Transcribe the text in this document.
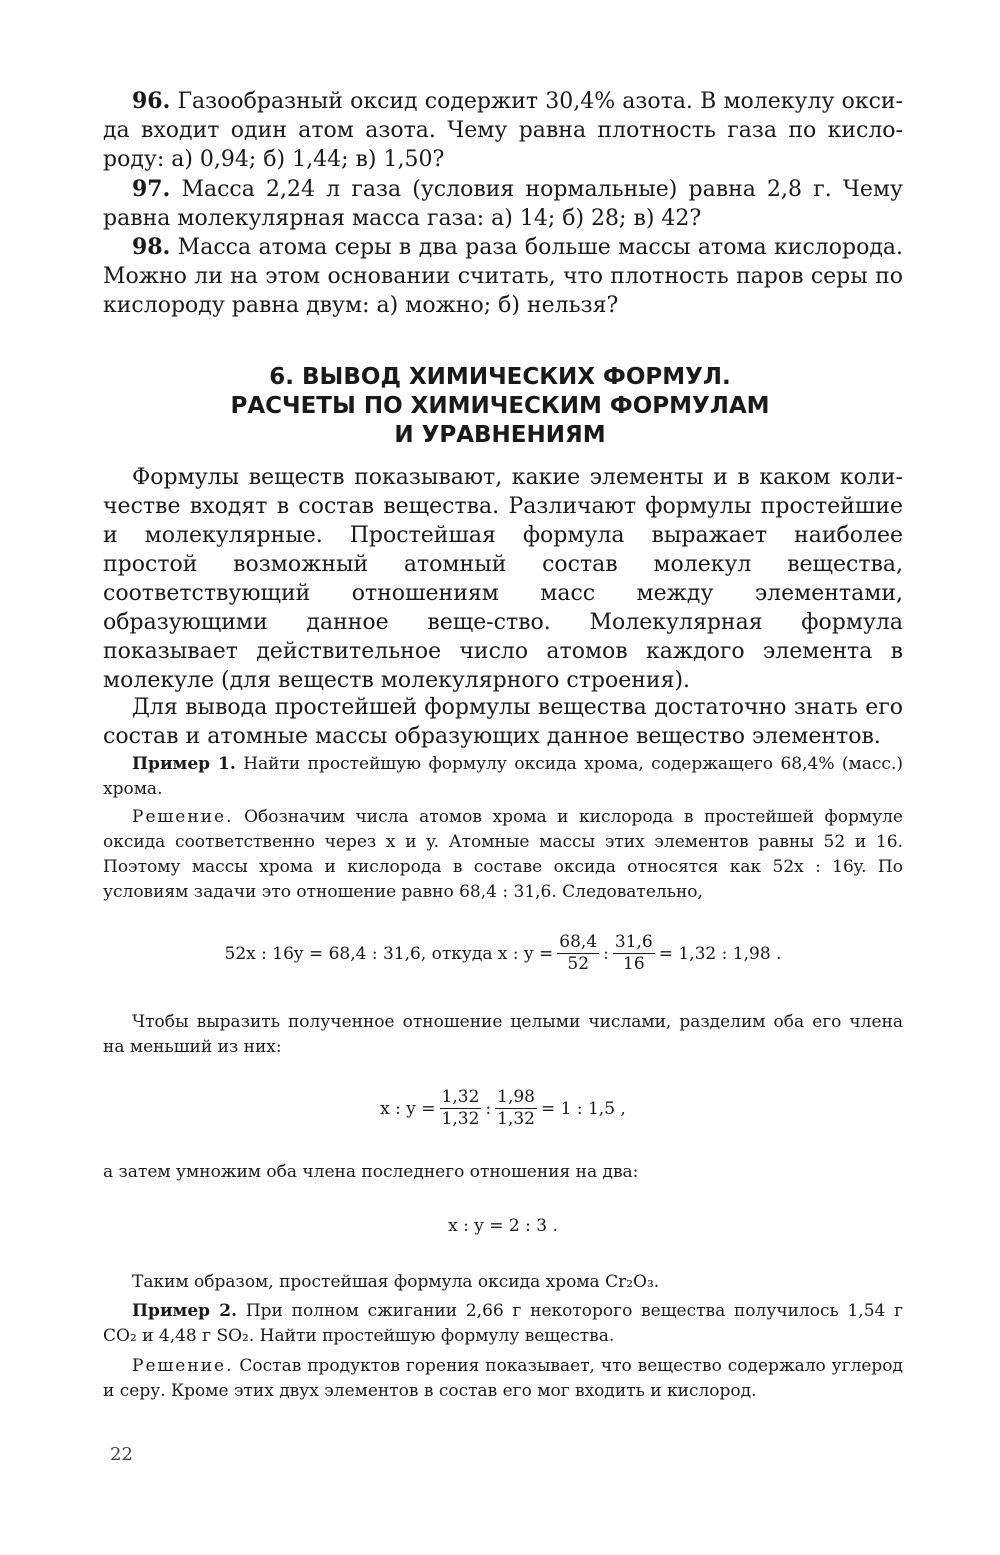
96. Газообразный оксид содержит 30,4% азота. В молекулу окси-да входит один атом азота. Чему равна плотность газа по кисло-роду: а) 0,94; б) 1,44; в) 1,50?

97. Масса 2,24 л газа (условия нормальные) равна 2,8 г. Чему равна молекулярная масса газа: а) 14; б) 28; в) 42?

98. Масса атома серы в два раза больше массы атома кислорода. Можно ли на этом основании считать, что плотность паров серы по кислороду равна двум: а) можно; б) нельзя?

6. ВЫВОД ХИМИЧЕСКИХ ФОРМУЛ.
РАСЧЕТЫ ПО ХИМИЧЕСКИМ ФОРМУЛАМ
И УРАВНЕНИЯМ

Формулы веществ показывают, какие элементы и в каком коли-честве входят в состав вещества. Различают формулы простейшие и молекулярные. Простейшая формула выражает наиболее простой возможный атомный состав молекул вещества, соответствующий отношениям масс между элементами, образующими данное веще-ство. Молекулярная формула показывает действительное число атомов каждого элемента в молекуле (для веществ молекулярного строения).

Для вывода простейшей формулы вещества достаточно знать его состав и атомные массы образующих данное вещество элементов.

Пример 1. Найти простейшую формулу оксида хрома, содержащего 68,4% (масс.) хрома.

Решение. Обозначим числа атомов хрома и кислорода в простейшей формуле оксида соответственно через x и y. Атомные массы этих элементов равны 52 и 16. Поэтому массы хрома и кислорода в составе оксида относятся как 52x : 16y. По условиям задачи это отношение равно 68,4 : 31,6. Следовательно,

52x : 16y = 68,4 : 31,6, откуда x : $y = \frac{68,4}{52}$ : $\frac{31,6}{16} = 1,32$ : 1,98 .

Чтобы выразить полученное отношение целыми числами, разделим оба его члена на меньший из них:

x : $y = \frac{1,32}{1,32}$ : $\frac{1,98}{1,32} = 1$ : 1,5 ,

а затем умножим оба члена последнего отношения на два:

x : y = 2 : 3 .

Таким образом, простейшая формула оксида хрома Cr₂O₃.

Пример 2. При полном сжигании 2,66 г некоторого вещества получилось 1,54 г CO₂ и 4,48 г SO₂. Найти простейшую формулу вещества.

Решение. Состав продуктов горения показывает, что вещество содержало углерод и серу. Кроме этих двух элементов в состав его мог входить и кислород.

22
